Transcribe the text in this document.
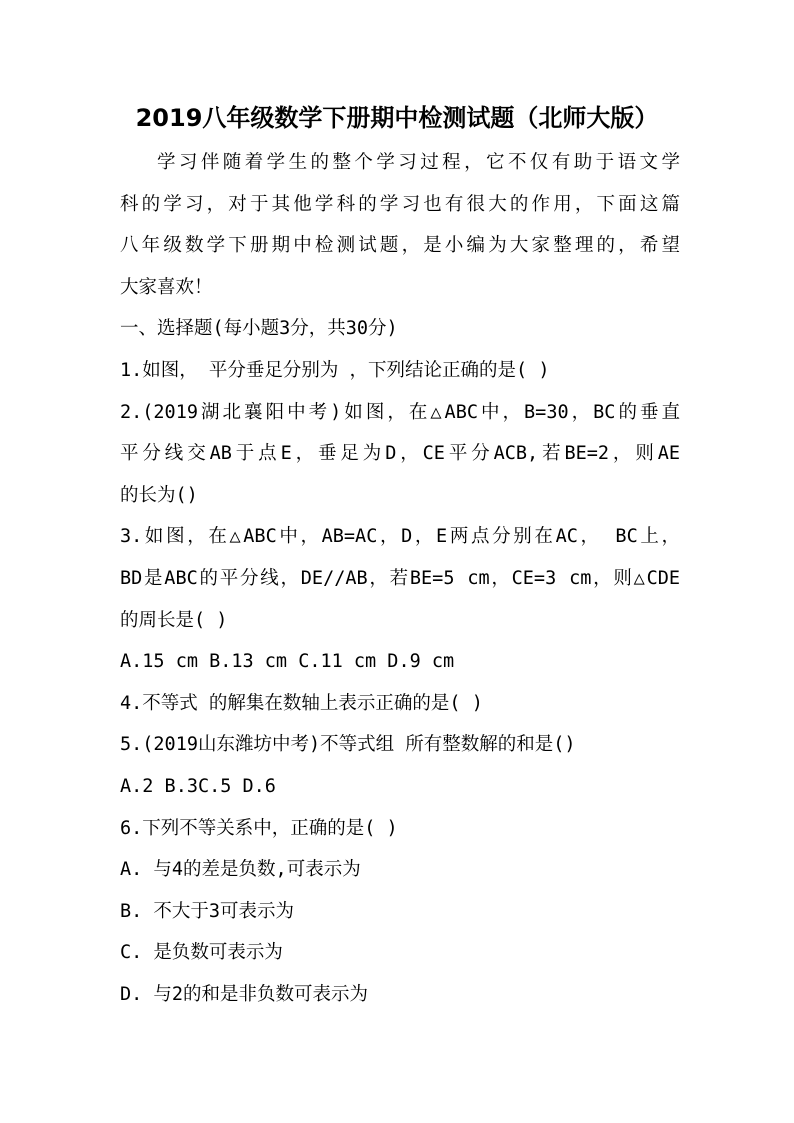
2019八年级数学下册期中检测试题（北师大版）
学习伴随着学生的整个学习过程，它不仅有助于语文学
科的学习，对于其他学科的学习也有很大的作用，下面这篇
八年级数学下册期中检测试题，是小编为大家整理的，希望
大家喜欢！
一、选择题(每小题3分，共30分)
1.如图， 平分垂足分别为 ，下列结论正确的是( )
2.(2019湖北襄阳中考)如图，在△ABC中，B=30，BC的垂直
平分线交AB于点E，垂足为D，CE平分ACB,若BE=2，则AE
的长为()
3.如图，在△ABC中，AB=AC，D，E两点分别在AC， BC上，
BD是ABC的平分线，DE//AB，若BE=5 cm，CE=3 cm，则△CDE
的周长是( )
A.15 cm B.13 cm C.11 cm D.9 cm
4.不等式 的解集在数轴上表示正确的是( )
5.(2019山东潍坊中考)不等式组 所有整数解的和是()
A.2 B.3C.5 D.6
6.下列不等关系中，正确的是( )
A. 与4的差是负数,可表示为
B. 不大于3可表示为
C. 是负数可表示为
D. 与2的和是非负数可表示为
